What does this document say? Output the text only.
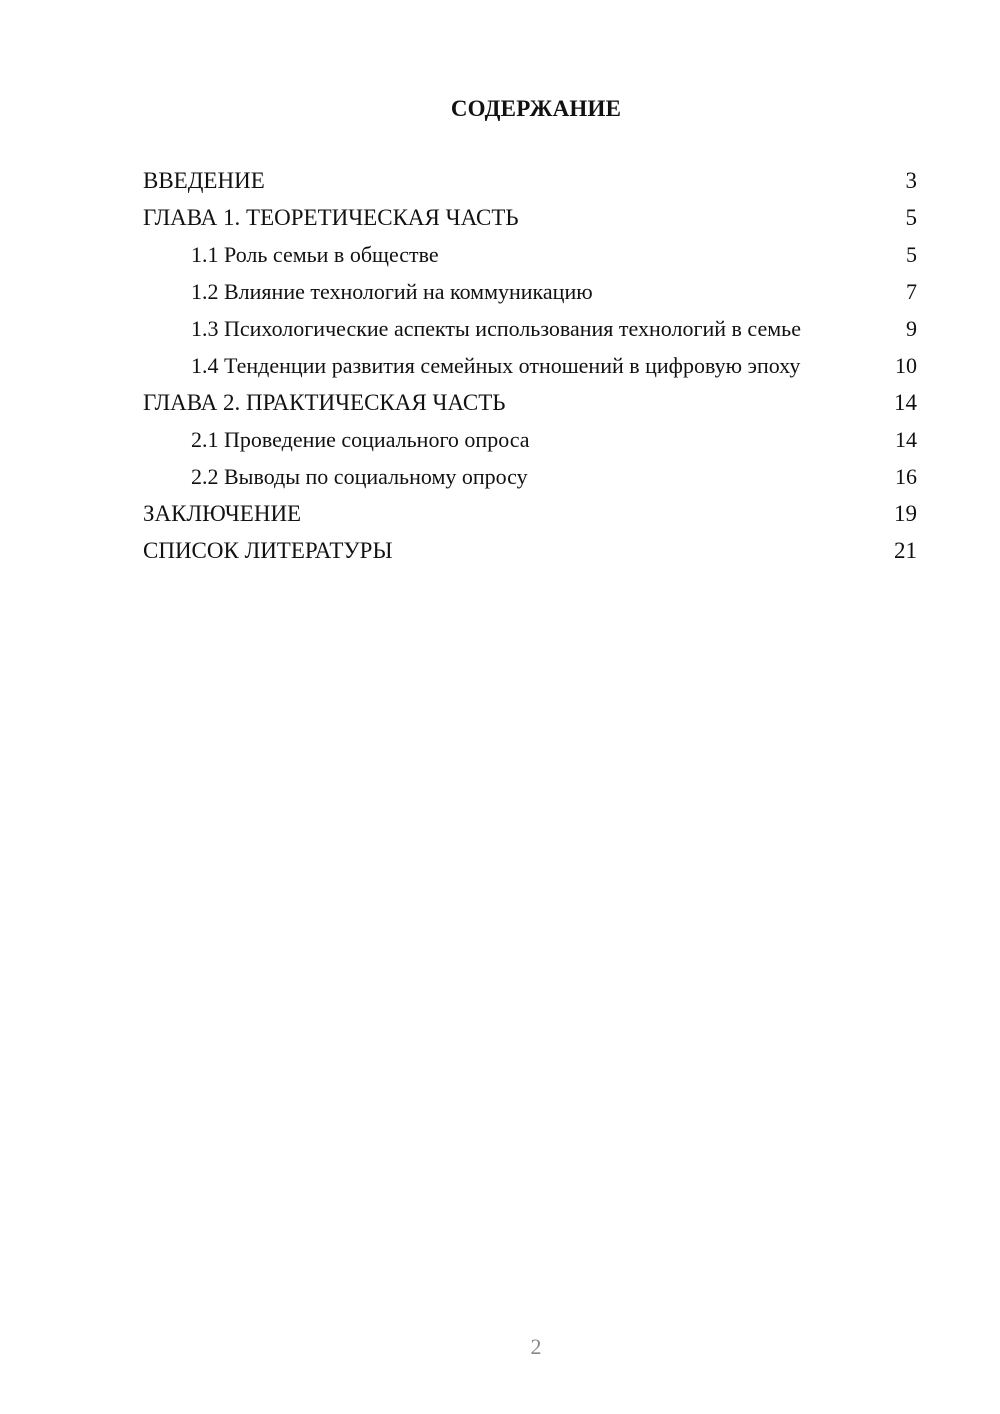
СОДЕРЖАНИЕ
ВВЕДЕНИЕ	3
ГЛАВА 1. ТЕОРЕТИЧЕСКАЯ ЧАСТЬ	5
1.1 Роль семьи в обществе	5
1.2 Влияние технологий на коммуникацию	7
1.3 Психологические аспекты использования технологий в семье	9
1.4 Тенденции развития семейных отношений в цифровую эпоху	10
ГЛАВА 2. ПРАКТИЧЕСКАЯ ЧАСТЬ	14
2.1 Проведение социального опроса	14
2.2 Выводы по социальному опросу	16
ЗАКЛЮЧЕНИЕ	19
СПИСОК ЛИТЕРАТУРЫ	21
2
